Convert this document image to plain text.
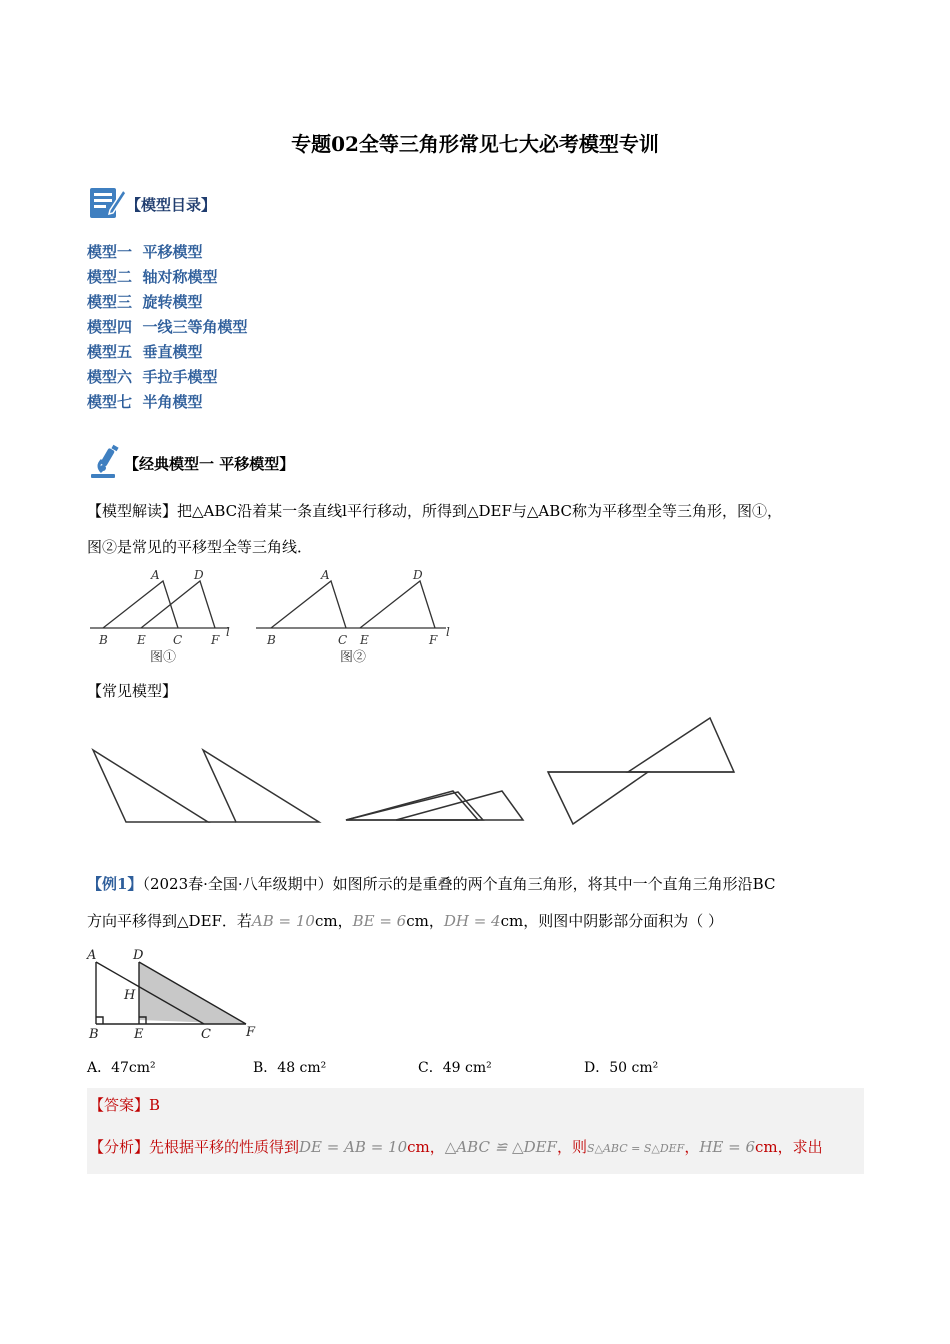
专题02全等三角形常见七大必考模型专训
【模型目录】
模型一  平移模型
模型二  轴对称模型
模型三  旋转模型
模型四  一线三等角模型
模型五  垂直模型
模型六  手拉手模型
模型七  半角模型
【经典模型一 平移模型】
【模型解读】把△ABC沿着某一条直线l平行移动，所得到△DEF与△ABC称为平移型全等三角形，图①，
图②是常见的平移型全等三角线．
A	D
B E C F
l
图①
A	D
B	C E	F
l
图②
【常见模型】
【例1】（2023春·全国·八年级期中）如图所示的是重叠的两个直角三角形，将其中一个直角三角形沿BC
方向平移得到△DEF．若AB = 10cm，BE = 6cm，DH = 4cm，则图中阴影部分面积为（ ）
A	D
H
B	E	C	F
A．47cm²	B．48 cm²	C．49 cm²	D．50 cm²
【答案】B
【分析】先根据平移的性质得到DE = AB = 10cm，△ABC ≌ △DEF，则S△ABC = S△DEF，HE = 6cm，求出
